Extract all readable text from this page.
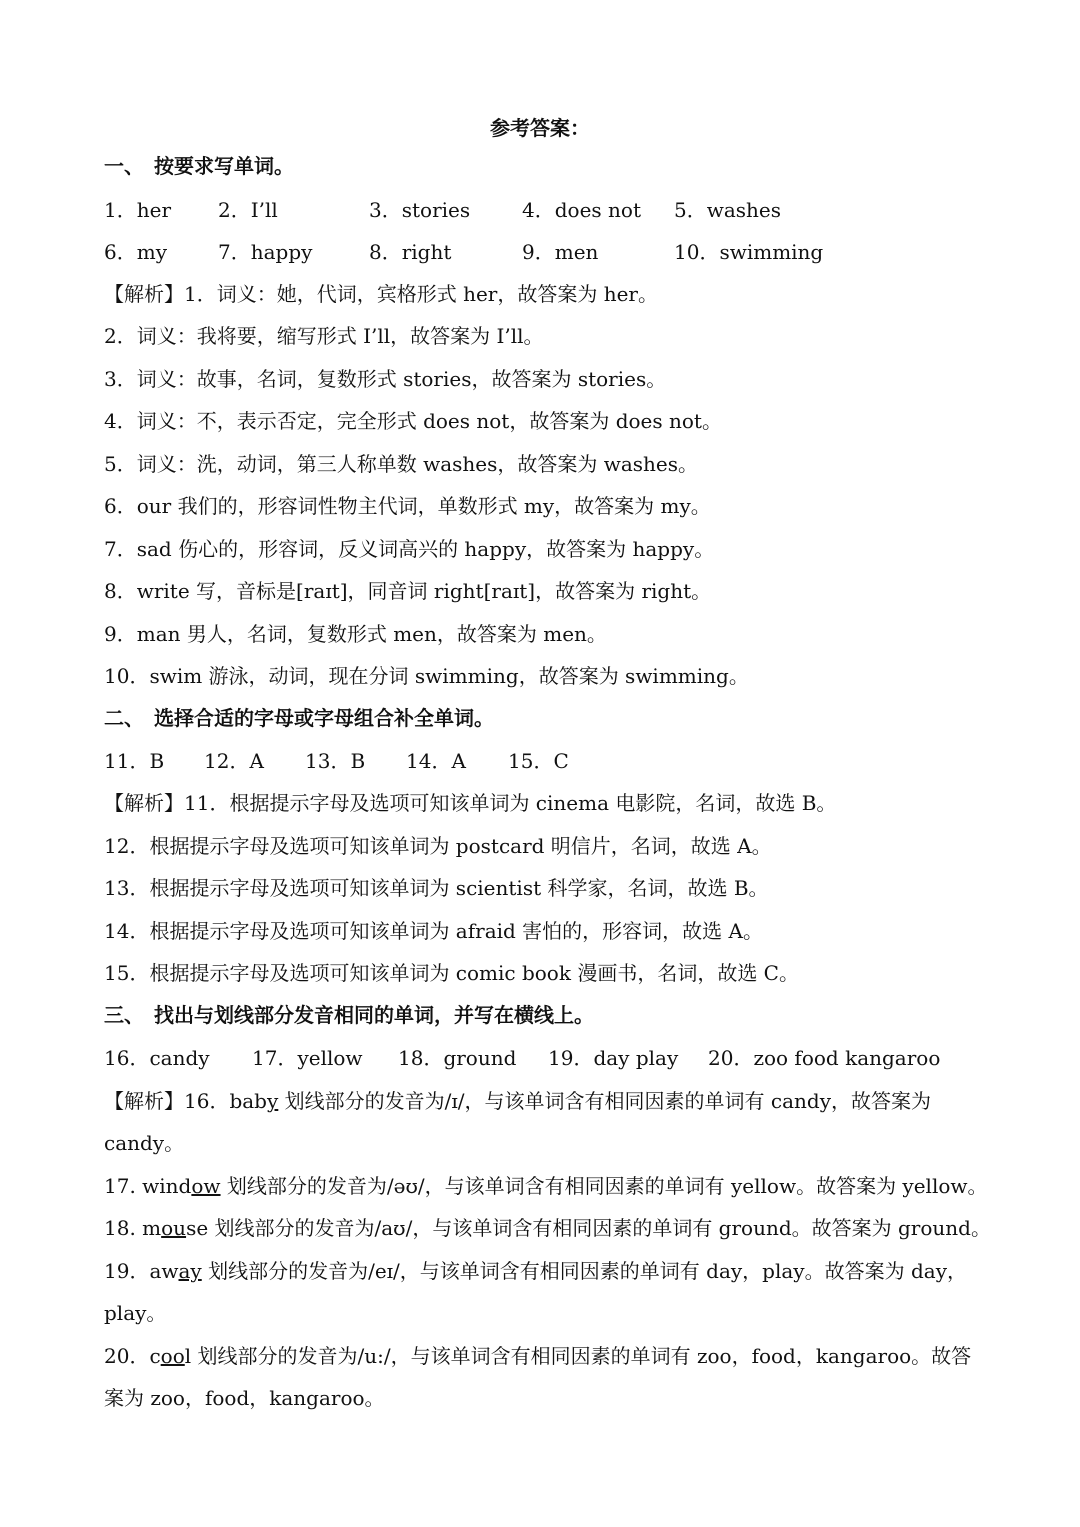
参考答案：
一、　按要求写单词。
1．her 2．I’ll	3．stories	4．does not 5．washes
6．my	7．happy	8．right	9．men	10．swimming
【解析】1．词义：她，代词，宾格形式 her，故答案为 her。
2．词义：我将要，缩写形式 I’ll，故答案为 I’ll。
3．词义：故事，名词，复数形式 stories，故答案为 stories。
4．词义：不，表示否定，完全形式 does not，故答案为 does not。
5．词义：洗，动词，第三人称单数 washes，故答案为 washes。
6．our 我们的，形容词性物主代词，单数形式 my，故答案为 my。
7．sad 伤心的，形容词，反义词高兴的 happy，故答案为 happy。
8．write 写，音标是[raɪt]，同音词 right[raɪt]，故答案为 right。
9．man 男人，名词，复数形式 men，故答案为 men。
10．swim 游泳，动词，现在分词 swimming，故答案为 swimming。
二、　选择合适的字母或字母组合补全单词。
11．B 12．A 13．B 14．A 15．C
【解析】11．根据提示字母及选项可知该单词为 cinema 电影院，名词，故选 B。
12．根据提示字母及选项可知该单词为 postcard 明信片，名词，故选 A。
13．根据提示字母及选项可知该单词为 scientist 科学家，名词，故选 B。
14．根据提示字母及选项可知该单词为 afraid 害怕的，形容词，故选 A。
15．根据提示字母及选项可知该单词为 comic book 漫画书，名词，故选 C。
三、　找出与划线部分发音相同的单词，并写在横线上。
16．candy 17．yellow 18．ground 19．day play 20．zoo food kangaroo
【解析】16．baby 划线部分的发音为/ɪ/，与该单词含有相同因素的单词有 candy，故答案为
candy。
17. window 划线部分的发音为/əʊ/，与该单词含有相同因素的单词有 yellow。故答案为 yellow。
18. mouse 划线部分的发音为/aʊ/，与该单词含有相同因素的单词有 ground。故答案为 ground。
19．away 划线部分的发音为/eɪ/，与该单词含有相同因素的单词有 day，play。故答案为 day，
play。
20．cool 划线部分的发音为/u:/，与该单词含有相同因素的单词有 zoo，food，kangaroo。故答
案为 zoo，food，kangaroo。
